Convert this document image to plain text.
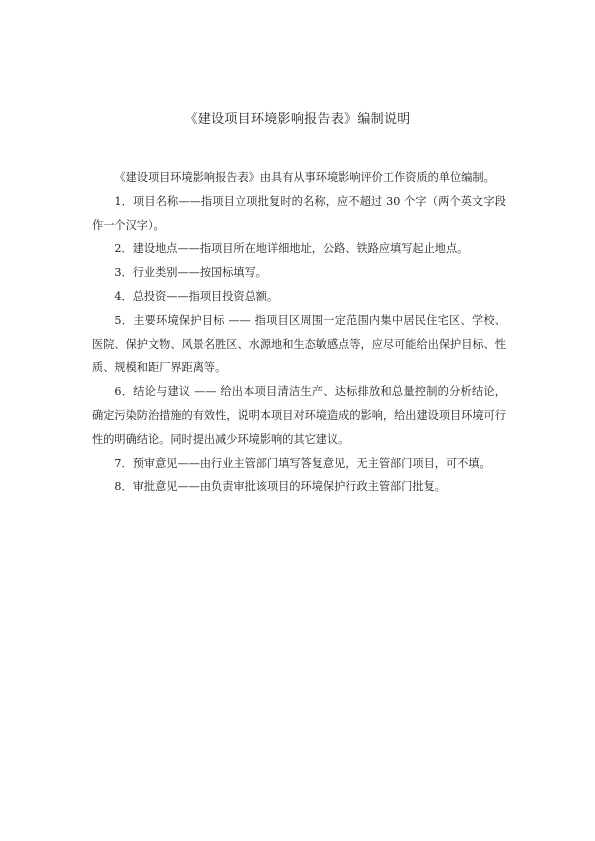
《建设项目环境影响报告表》编制说明

《建设项目环境影响报告表》由具有从事环境影响评价工作资质的单位编制。

1．项目名称——指项目立项批复时的名称，应不超过 30 个字（两个英文字段作一个汉字）。

2．建设地点——指项目所在地详细地址，公路、铁路应填写起止地点。

3．行业类别——按国标填写。

4．总投资——指项目投资总额。

5．主要环境保护目标 —— 指项目区周围一定范围内集中居民住宅区、学校、医院、保护文物、风景名胜区、水源地和生态敏感点等，应尽可能给出保护目标、性质、规模和距厂界距离等。

6．结论与建议 —— 给出本项目清洁生产、达标排放和总量控制的分析结论，确定污染防治措施的有效性，说明本项目对环境造成的影响，给出建设项目环境可行性的明确结论。同时提出减少环境影响的其它建议。

7．预审意见——由行业主管部门填写答复意见，无主管部门项目，可不填。

8．审批意见——由负责审批该项目的环境保护行政主管部门批复。
